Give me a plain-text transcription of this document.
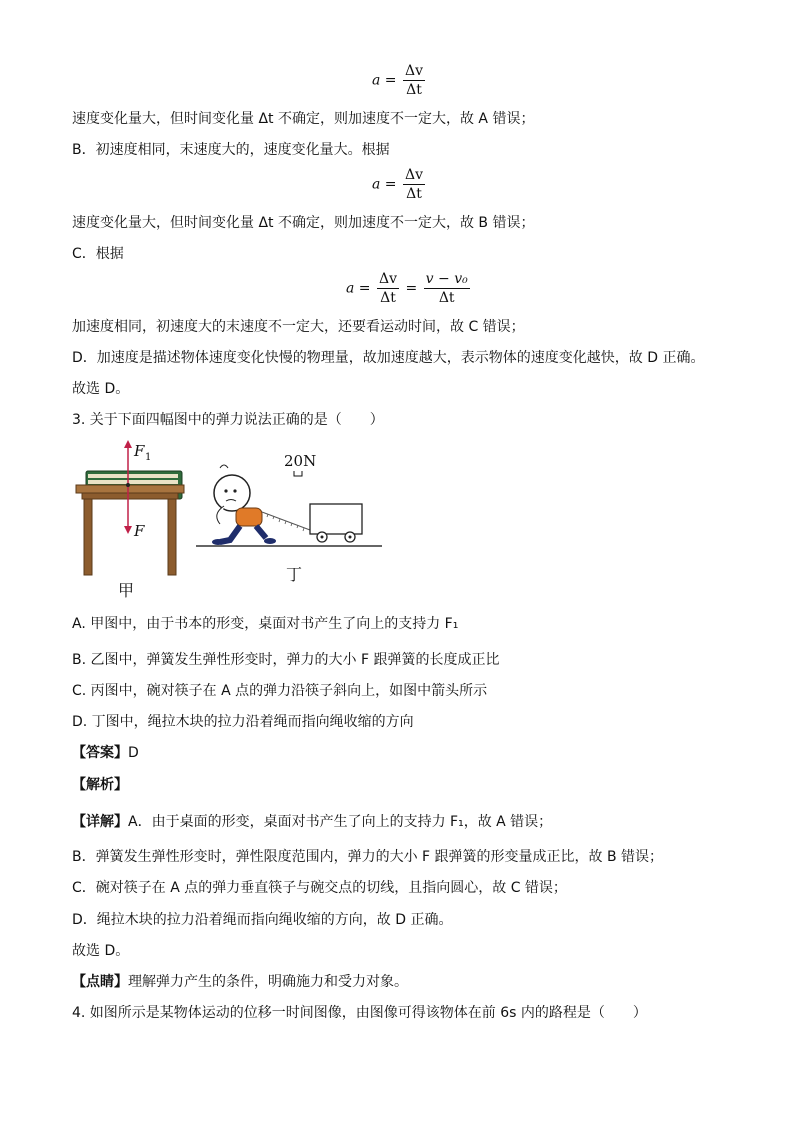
$a = \frac{\Delta v}{\Delta t}$
速度变化量大，但时间变化量 Δt 不确定，则加速度不一定大，故 A 错误；
B．初速度相同，末速度大的，速度变化量大。根据
$a = \frac{\Delta v}{\Delta t}$
速度变化量大，但时间变化量 Δt 不确定，则加速度不一定大，故 B 错误；
C．根据
$a = \frac{\Delta v}{\Delta t} = \frac{\text{v − v₀}}{\Delta t}$
加速度相同，初速度大的末速度不一定大，还要看运动时间，故 C 错误；
D．加速度是描述物体速度变化快慢的物理量，故加速度越大，表示物体的速度变化越快，故 D 正确。
故选 D。
3. 关于下面四幅图中的弹力说法正确的是（　　）
F 1
F
甲
20N
丁
A. 甲图中，由于书本的形变，桌面对书产生了向上的支持力 F₁
B. 乙图中，弹簧发生弹性形变时，弹力的大小 F 跟弹簧的长度成正比
C. 丙图中，碗对筷子在 A 点的弹力沿筷子斜向上，如图中箭头所示
D. 丁图中，绳拉木块的拉力沿着绳而指向绳收缩的方向
【答案】D
【解析】
【详解】A．由于桌面的形变，桌面对书产生了向上的支持力 F₁，故 A 错误；
B．弹簧发生弹性形变时，弹性限度范围内，弹力的大小 F 跟弹簧的形变量成正比，故 B 错误；
C．碗对筷子在 A 点的弹力垂直筷子与碗交点的切线，且指向圆心，故 C 错误；
D．绳拉木块的拉力沿着绳而指向绳收缩的方向，故 D 正确。
故选 D。
【点睛】理解弹力产生的条件，明确施力和受力对象。
4. 如图所示是某物体运动的位移一时间图像，由图像可得该物体在前 6s 内的路程是（　　）
